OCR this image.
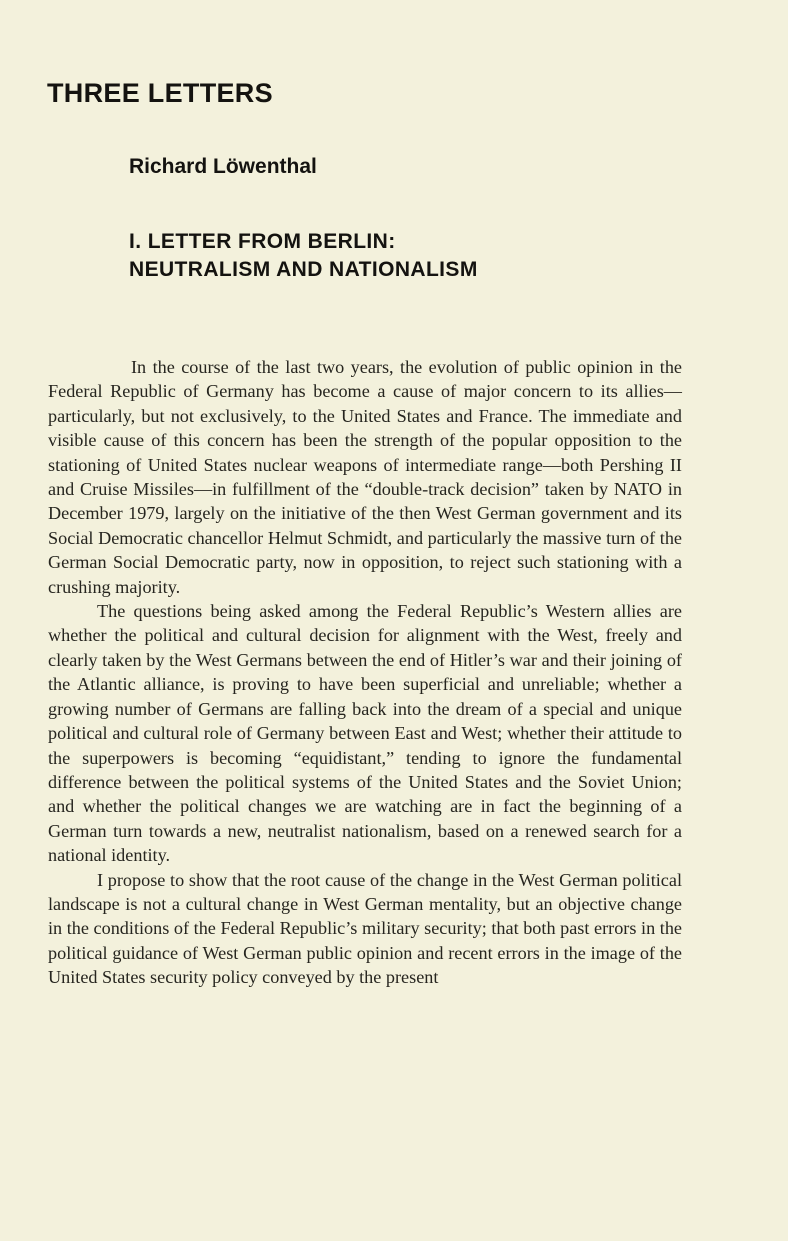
THREE LETTERS
Richard Löwenthal
I. LETTER FROM BERLIN:
NEUTRALISM AND NATIONALISM

In the course of the last two years, the evolution of public opinion in the Federal Republic of Germany has become a cause of major concern to its allies—particularly, but not exclusively, to the United States and France. The immediate and visible cause of this concern has been the strength of the popular opposition to the stationing of United States nuclear weapons of intermediate range—both Pershing II and Cruise Missiles—in fulfillment of the “double-track decision” taken by NATO in December 1979, largely on the initiative of the then West German government and its Social Democratic chancellor Helmut Schmidt, and particularly the massive turn of the German Social Democratic party, now in opposition, to reject such stationing with a crushing majority.

The questions being asked among the Federal Republic’s Western allies are whether the political and cultural decision for alignment with the West, freely and clearly taken by the West Germans between the end of Hitler’s war and their joining of the Atlantic alliance, is proving to have been superficial and unreliable; whether a growing number of Germans are falling back into the dream of a special and unique political and cultural role of Germany between East and West; whether their attitude to the superpowers is becoming “equidistant,” tending to ignore the fundamental difference between the political systems of the United States and the Soviet Union; and whether the political changes we are watching are in fact the beginning of a German turn towards a new, neutralist nationalism, based on a renewed search for a national identity.

I propose to show that the root cause of the change in the West German political landscape is not a cultural change in West German mentality, but an objective change in the conditions of the Federal Republic’s military security; that both past errors in the political guidance of West German public opinion and recent errors in the image of the United States security policy conveyed by the present
